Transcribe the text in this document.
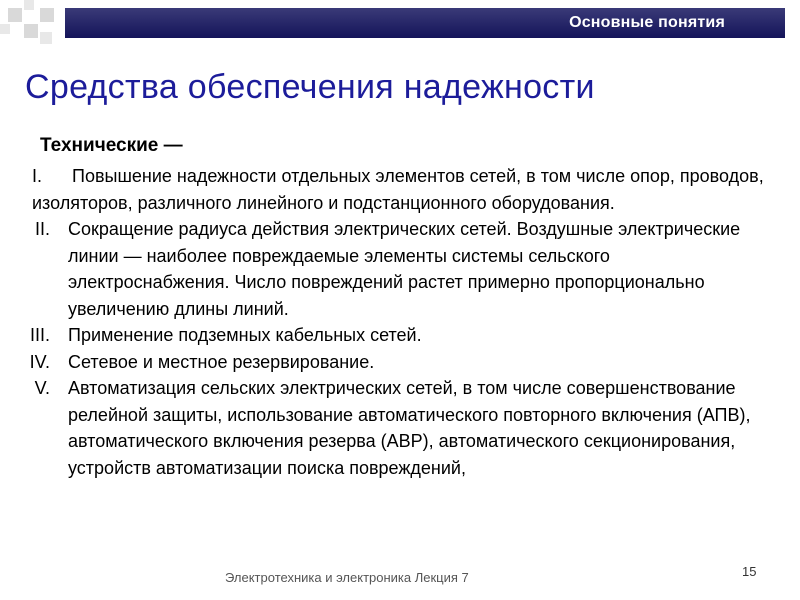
Основные понятия
Средства обеспечения надежности
Технические —
I. Повышение надежности отдельных элементов сетей, в том числе опор, проводов, изоляторов, различного линейного и подстанционного оборудования.
II. Сокращение радиуса действия электрических сетей. Воздушные электрические линии — наиболее повреждаемые элементы системы сельского электроснабжения. Число повреждений растет примерно пропорционально увеличению длины линий.
III. Применение подземных кабельных сетей.
IV. Сетевое и местное резервирование.
V. Автоматизация сельских электрических сетей, в том числе совершенствование релейной защиты, использование автоматического повторного включения (АПВ), автоматического включения резерва (АВР), автоматического секционирования, устройств автоматизации поиска повреждений,
Электротехника и электроника Лекция 7	15
